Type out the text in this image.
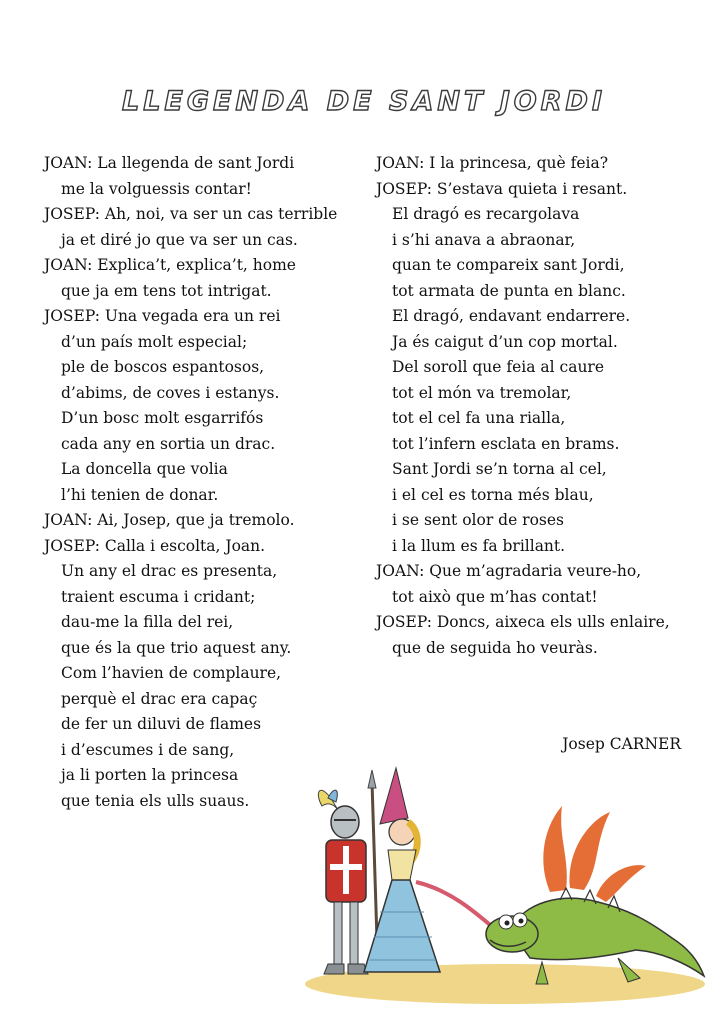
LLEGENDA DE SANT JORDI
JOAN: La llegenda de sant Jordi
me la volguessis contar!
JOSEP: Ah, noi, va ser un cas terrible
ja et diré jo que va ser un cas.
JOAN: Explica’t, explica’t, home
que ja em tens tot intrigat.
JOSEP: Una vegada era un rei
d’un país molt especial;
ple de boscos espantosos,
d’abims, de coves i estanys.
D’un bosc molt esgarrifós
cada any en sortia un drac.
La doncella que volia
l’hi tenien de donar.
JOAN: Ai, Josep, que ja tremolo.
JOSEP: Calla i escolta, Joan.
Un any el drac es presenta,
traient escuma i cridant;
dau-me la filla del rei,
que és la que trio aquest any.
Com l’havien de complaure,
perquè el drac era capaç
de fer un diluvi de flames
i d’escumes i de sang,
ja li porten la princesa
que tenia els ulls suaus.
JOAN: I la princesa, què feia?
JOSEP: S’estava quieta i resant.
El dragó es recargolava
i s’hi anava a abraonar,
quan te compareix sant Jordi,
tot armata de punta en blanc.
El dragó, endavant endarrere.
Ja és caigut d’un cop mortal.
Del soroll que feia al caure
tot el món va tremolar,
tot el cel fa una rialla,
tot l’infern esclata en brams.
Sant Jordi se’n torna al cel,
i el cel es torna més blau,
i se sent olor de roses
i la llum es fa brillant.
JOAN: Que m’agradaria veure-ho,
tot això que m’has contat!
JOSEP: Doncs, aixeca els ulls enlaire,
que de seguida ho veuràs.
Josep CARNER
